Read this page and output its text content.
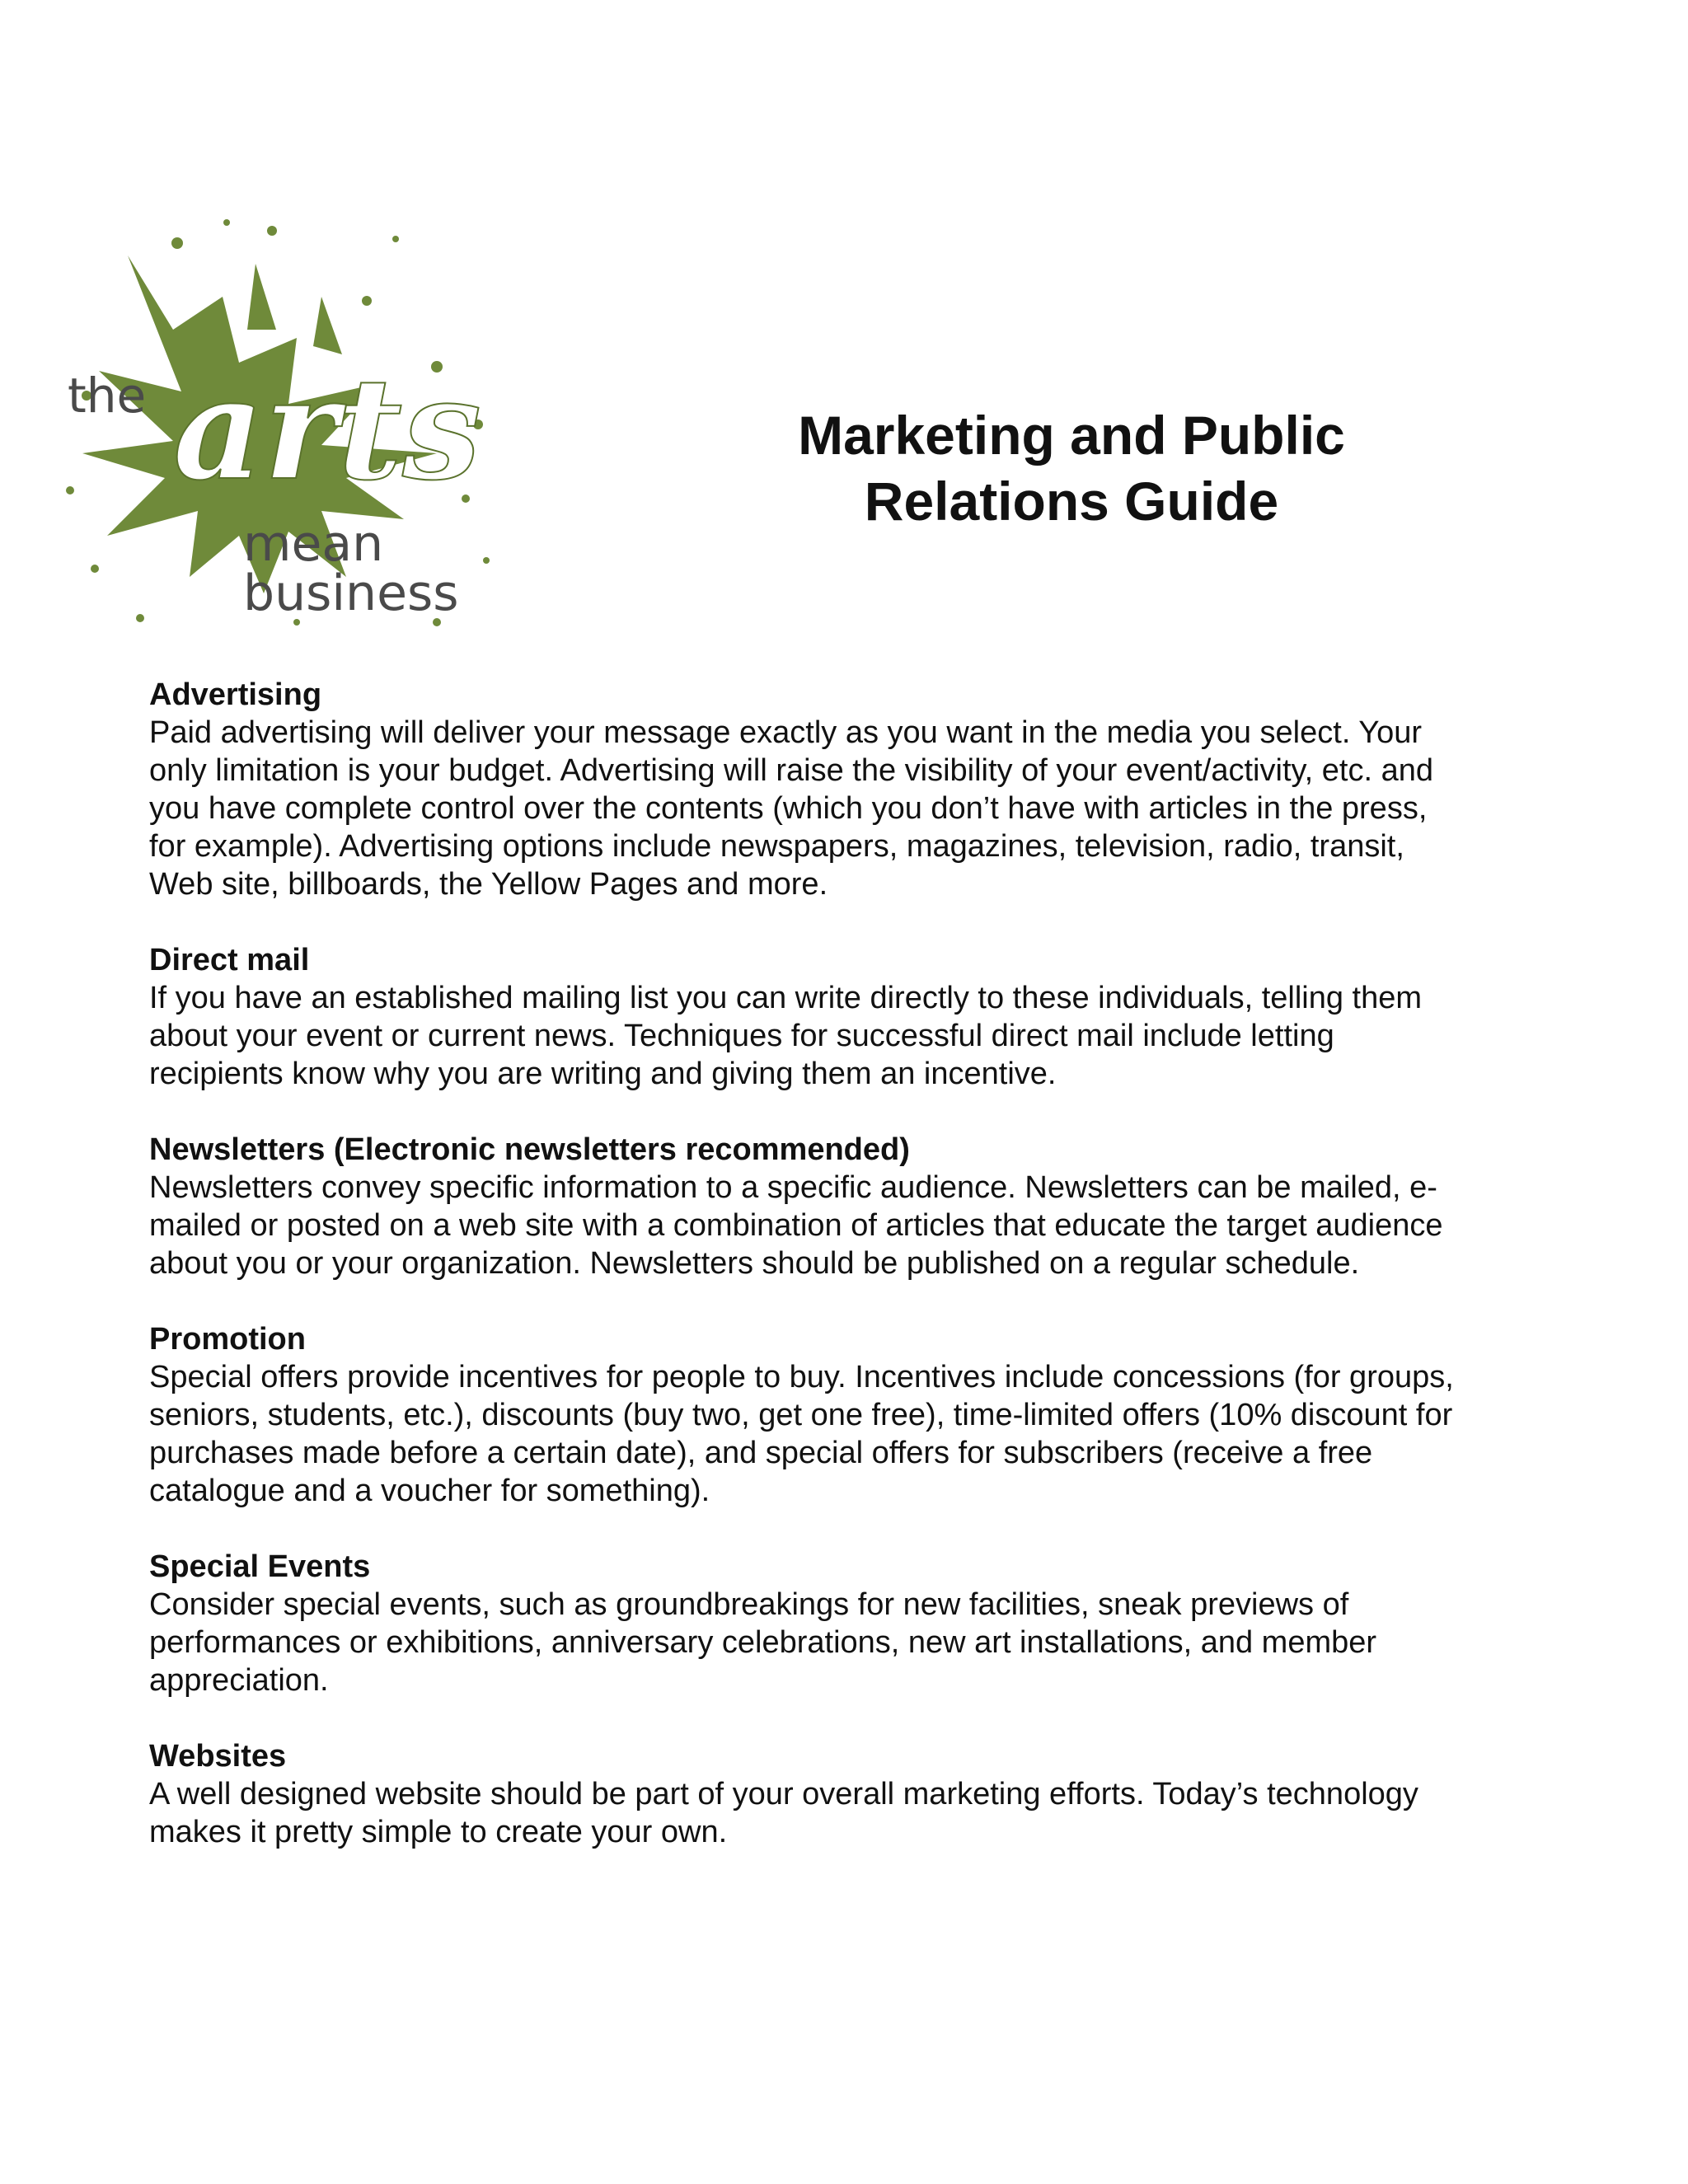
arts
the
mean
business
Marketing and Public
Relations Guide

Advertising

Paid advertising will deliver your message exactly as you want in the media you select. Your
only limitation is your budget. Advertising will raise the visibility of your event/activity, etc. and
you have complete control over the contents (which you don’t have with articles in the press,
for example). Advertising options include newspapers, magazines, television, radio, transit,
Web site, billboards, the Yellow Pages and more.

Direct mail

If you have an established mailing list you can write directly to these individuals, telling them
about your event or current news. Techniques for successful direct mail include letting
recipients know why you are writing and giving them an incentive.

Newsletters (Electronic newsletters recommended)

Newsletters convey specific information to a specific audience. Newsletters can be mailed, e-
mailed or posted on a web site with a combination of articles that educate the target audience
about you or your organization. Newsletters should be published on a regular schedule.

Promotion

Special offers provide incentives for people to buy. Incentives include concessions (for groups,
seniors, students, etc.), discounts (buy two, get one free), time-limited offers (10% discount for
purchases made before a certain date), and special offers for subscribers (receive a free
catalogue and a voucher for something).

Special Events

Consider special events, such as groundbreakings for new facilities, sneak previews of
performances or exhibitions, anniversary celebrations, new art installations, and member
appreciation.

Websites

A well designed website should be part of your overall marketing efforts. Today’s technology
makes it pretty simple to create your own.
